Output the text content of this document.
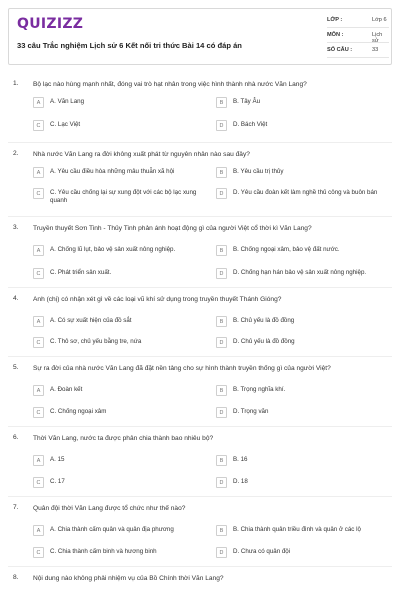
QUIZIZZ
33 câu Trắc nghiệm Lịch sử 6 Kết nối tri thức Bài 14 có đáp án
LỚP :	Lớp 6
MÔN :	Lịch sử
SỐ CÂU :	33
1. Bộ lạc nào hùng mạnh nhất, đóng vai trò hạt nhân trong việc hình thành nhà nước Văn Lang?
A	A. Văn Lang	B	B. Tây Âu
C	C. Lạc Việt	D	D. Bách Việt
2. Nhà nước Văn Lang ra đời không xuất phát từ nguyên nhân nào sau đây?
A	A. Yêu cầu điều hòa những mâu thuẫn xã hội	B	B. Yêu cầu trị thủy
C	C. Yêu cầu chống lại sự xung đột với các bộ lạc xung quanh
D	D. Yêu cầu đoàn kết làm nghề thủ công và buôn bán
3. Truyền thuyết Sơn Tinh - Thủy Tinh phản ánh hoạt động gì của người Việt cổ thời kì Văn Lang?
A	A. Chống lũ lụt, bảo vệ sản xuất nông nghiệp.	B	B. Chống ngoại xâm, bảo vệ đất nước.
C	C. Phát triển sản xuất.	D	D. Chống hạn hán bảo vệ sản xuất nông nghiệp.
4. Anh (chị) có nhận xét gì về các loại vũ khí sử dụng trong truyền thuyết Thánh Gióng?
A	A. Có sự xuất hiện của đồ sắt	B	B. Chủ yếu là đồ đồng
C	C. Thô sơ, chủ yếu bằng tre, nứa	D	D. Chủ yếu là đồ đồng
5. Sự ra đời của nhà nước Văn Lang đã đặt nền tảng cho sự hình thành truyền thống gì của người Việt?
A	A. Đoàn kết	B	B. Trọng nghĩa khí.
C	C. Chống ngoại xâm	D	D. Trọng văn
6. Thời Văn Lang, nước ta được phân chia thành bao nhiêu bộ?
A	A. 15	B	B. 16
C	C. 17	D	D. 18
7. Quân đội thời Văn Lang được tổ chức như thế nào?
A	A. Chia thành cấm quân và quân địa phương	B	B. Chia thành quân triều đình và quân ở các lộ
C	C. Chia thành cấm binh và hương binh	D	D. Chưa có quân đội
8. Nội dung nào không phải nhiệm vụ của Bồ Chính thời Văn Lang?
